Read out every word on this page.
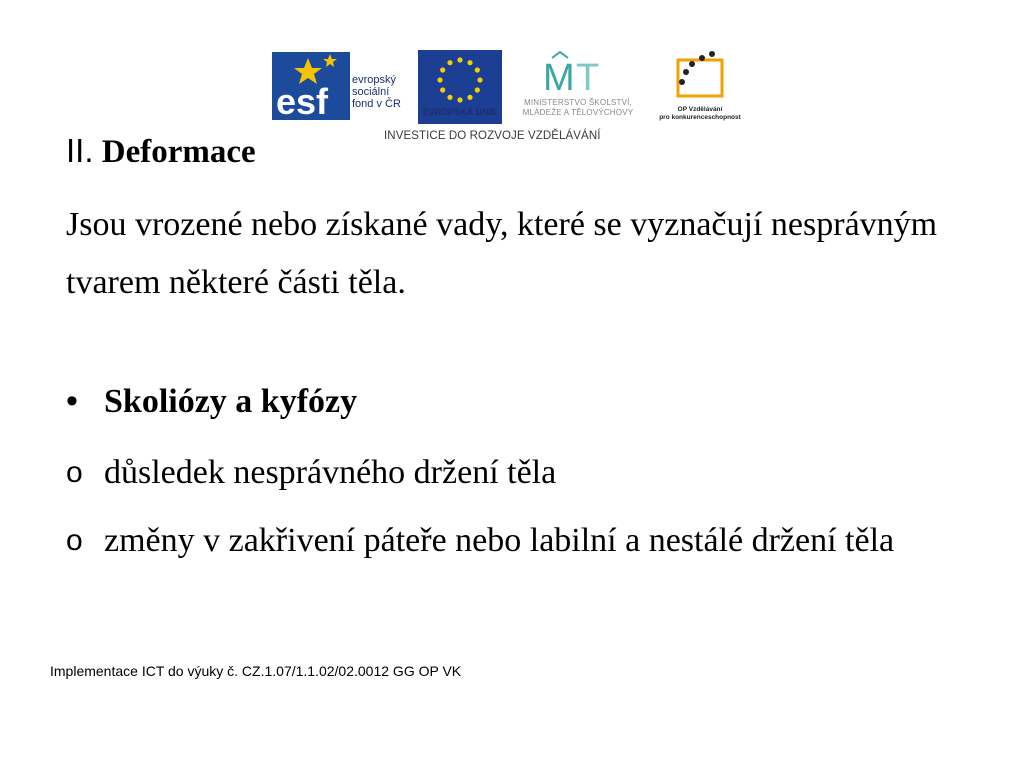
esf
evropský
sociální
fond v ČR
EVROPSKÁ UNIE
M T
MINISTERSTVO ŠKOLSTVÍ,
MLÁDEŽE A TĚLOVÝCHOVY	OP Vzdělávání
pro konkurenceschopnost
INVESTICE DO ROZVOJE VZDĚLÁVÁNÍ
II. Deformace
Jsou vrozené nebo získané vady, které se vyznačují nesprávným tvarem některé části těla.
• Skoliózy a kyfózy
o důsledek nesprávného držení těla
o změny v zakřivení páteře nebo labilní a nestálé držení těla
Implementace ICT do výuky č. CZ.1.07/1.1.02/02.0012 GG OP VK
